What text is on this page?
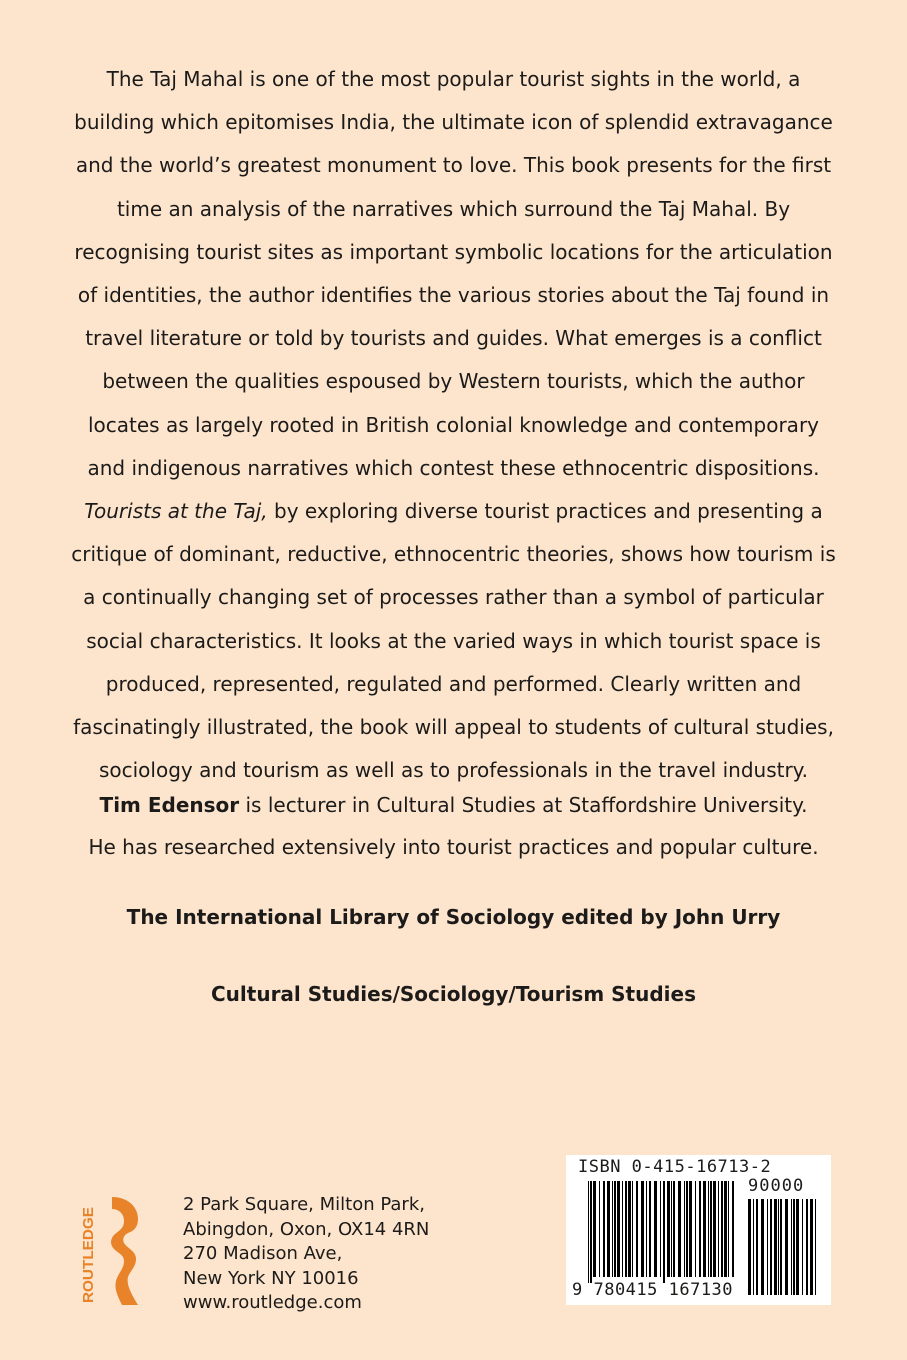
The Taj Mahal is one of the most popular tourist sights in the world, a building which epitomises India, the ultimate icon of splendid extravagance and the world’s greatest monument to love. This book presents for the first time an analysis of the narratives which surround the Taj Mahal. By recognising tourist sites as important symbolic locations for the articulation of identities, the author identifies the various stories about the Taj found in travel literature or told by tourists and guides. What emerges is a conflict between the qualities espoused by Western tourists, which the author locates as largely rooted in British colonial knowledge and contemporary and indigenous narratives which contest these ethnocentric dispositions.

Tourists at the Taj, by exploring diverse tourist practices and presenting a critique of dominant, reductive, ethnocentric theories, shows how tourism is a continually changing set of processes rather than a symbol of particular social characteristics. It looks at the varied ways in which tourist space is produced, represented, regulated and performed. Clearly written and fascinatingly illustrated, the book will appeal to students of cultural studies, sociology and tourism as well as to professionals in the travel industry.

Tim Edensor is lecturer in Cultural Studies at Staffordshire University.
He has researched extensively into tourist practices and popular culture.
The International Library of Sociology edited by John Urry
Cultural Studies/Sociology/Tourism Studies
ROUTLEDGE
2 Park Square, Milton Park,
Abingdon, Oxon, OX14 4RN
270 Madison Ave,
New York NY 10016
www.routledge.com
ISBN 0-415-16713-2
90000
9 780415 167130
